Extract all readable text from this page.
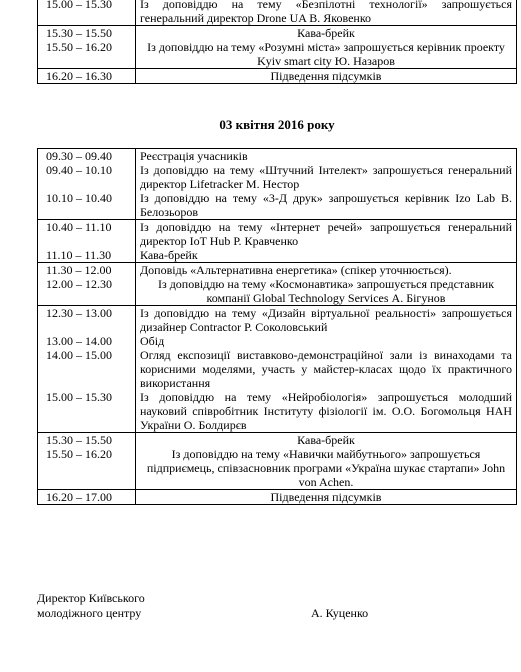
15.00 – 15.30	Із доповіддю на тему «Безпілотні технології» запрошується генеральний директор Drone UA В. Яковенко
15.30 – 15.50	Кава-брейк
15.50 – 16.20	Із доповіддю на тему «Розумні міста» запрошується керівник проекту Kyiv smart city Ю. Назаров
16.20 – 16.30	Підведення підсумків
03 квітня 2016 року
09.30 – 09.40	Реєстрація учасників
09.40 – 10.10	Із доповіддю на тему «Штучний Інтелект» запрошується генеральний директор Lifetracker М. Нестор
10.10 – 10.40	Із доповіддю на тему «3-Д друк» запрошується керівник Izo Lab В. Белозьоров
10.40 – 11.10	Із доповіддю на тему «Інтернет речей» запрошується генеральний директор IoT Hub Р. Кравченко
11.10 – 11.30	Кава-брейк
11.30 – 12.00	Доповідь «Альтернативна енергетика» (спікер уточнюється).
12.00 – 12.30	Із доповіддю на тему «Космонавтика» запрошується представник компанії Global Technology Services А. Бігунов
12.30 – 13.00	Із доповіддю на тему «Дизайн віртуальної реальності» запрошується дизайнер Contractor Р. Соколовський
13.00 – 14.00	Обід
14.00 – 15.00	Огляд експозиції виставково-демонстраційної зали із винаходами та корисними моделями, участь у майстер-класах щодо їх практичного використання
15.00 – 15.30	Із доповіддю на тему «Нейробіологія» запрошується молодший науковий співробітник Інституту фізіології ім. О.О. Богомольця НАН України О. Болдирєв
15.30 – 15.50	Кава-брейк
15.50 – 16.20	Із доповіддю на тему «Навички майбутнього» запрошується підприємець, співзасновник програми «Україна шукає стартапи» John von Achen.
16.20 – 17.00	Підведення підсумків
Директор Київського
молодіжного центру	А. Куценко
